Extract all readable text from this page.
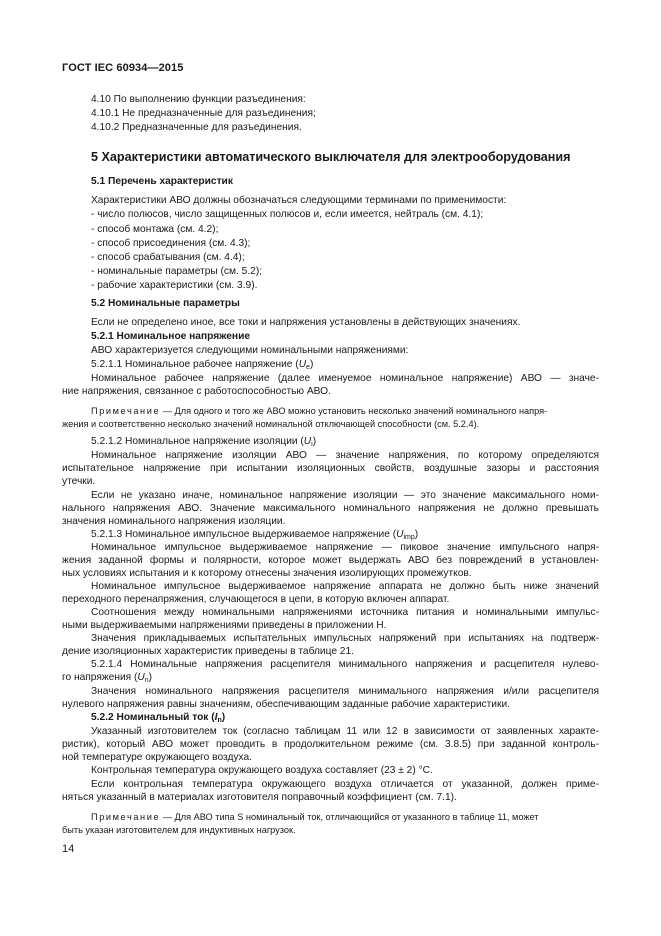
ГОСТ IEC 60934—2015
4.10 По выполнению функции разъединения:
4.10.1 Не предназначенные для разъединения;
4.10.2 Предназначенные для разъединения.
5 Характеристики автоматического выключателя для электрооборудования
5.1 Перечень характеристик
Характеристики АВО должны обозначаться следующими терминами по применимости:
- число полюсов, число защищенных полюсов и, если имеется, нейтраль (см. 4.1);
- способ монтажа (см. 4.2);
- способ присоединения (см. 4.3);
- способ срабатывания (см. 4.4);
- номинальные параметры (см. 5.2);
- рабочие характеристики (см. 3.9).
5.2 Номинальные параметры
Если не определено иное, все токи и напряжения установлены в действующих значениях.
5.2.1 Номинальное напряжение
АВО характеризуется следующими номинальными напряжениями:
5.2.1.1 Номинальное рабочее напряжение $(U_e)$
Номинальное рабочее напряжение (далее именуемое номинальное напряжение) АВО — значе-
ние напряжения, связанное с работоспособностью АВО.
Примечание — Для одного и того же АВО можно установить несколько значений номинального напря-
жения и соответственно несколько значений номинальной отключающей способности (см. 5.2.4).
5.2.1.2 Номинальное напряжение изоляции $(U_i)$
Номинальное напряжение изоляции АВО — значение напряжения, по которому определяются
испытательное напряжение при испытании изоляционных свойств, воздушные зазоры и расстояния
утечки.
Если не указано иначе, номинальное напряжение изоляции — это значение максимального номи-
нального напряжения АВО. Значение максимального номинального напряжения не должно превышать
значения номинального напряжения изоляции.
5.2.1.3 Номинальное импульсное выдерживаемое напряжение $(U_{imp})$
Номинальное импульсное выдерживаемое напряжение — пиковое значение импульсного напря-
жения заданной формы и полярности, которое может выдержать АВО без повреждений в установлен-
ных условиях испытания и к которому отнесены значения изолирующих промежутков.
Номинальное импульсное выдерживаемое напряжение аппарата не должно быть ниже значений
переходного перенапряжения, случающегося в цепи, в которую включен аппарат.
Соотношения между номинальными напряжениями источника питания и номинальными импульс-
ными выдерживаемыми напряжениями приведены в приложении Н.
Значения прикладываемых испытательных импульсных напряжений при испытаниях на подтверж-
дение изоляционных характеристик приведены в таблице 21.
5.2.1.4 Номинальные напряжения расцепителя минимального напряжения и расцепителя нулево-
го напряжения $(U_n)$
Значения номинального напряжения расцепителя минимального напряжения и/или расцепителя
нулевого напряжения равны значениям, обеспечивающим заданные рабочие характеристики.
5.2.2 Номинальный ток $(I_n)$
Указанный изготовителем ток (согласно таблицам 11 или 12 в зависимости от заявленных характе-
ристик), который АВО может проводить в продолжительном режиме (см. 3.8.5) при заданной контроль-
ной температуре окружающего воздуха.
Контрольная температура окружающего воздуха составляет (23 ± 2) °С.
Если контрольная температура окружающего воздуха отличается от указанной, должен приме-
няться указанный в материалах изготовителя поправочный коэффициент (см. 7.1).
Примечание — Для АВО типа S номинальный ток, отличающийся от указанного в таблице 11, может
быть указан изготовителем для индуктивных нагрузок.
14
